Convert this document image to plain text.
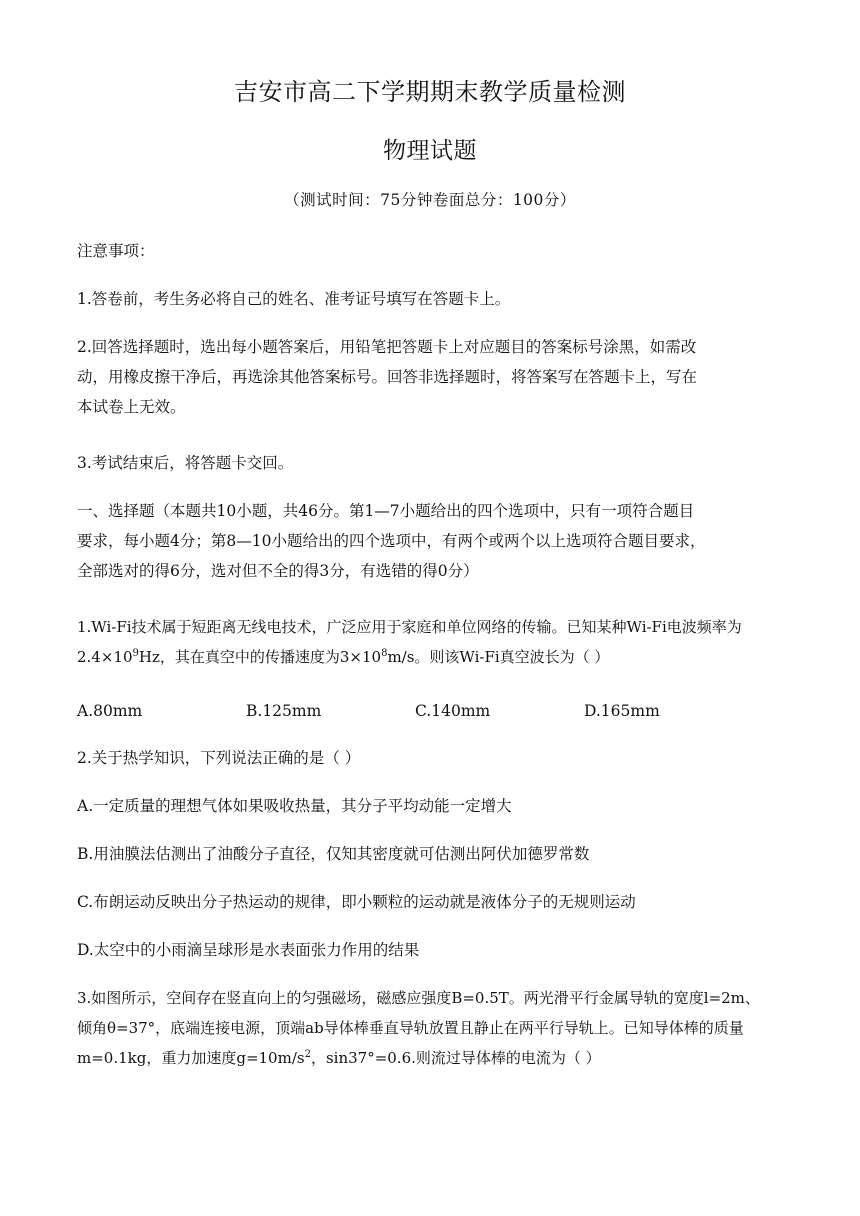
吉安市高二下学期期末教学质量检测
物理试题
（测试时间：75分钟卷面总分：100分）

注意事项：

1.答卷前，考生务必将自己的姓名、准考证号填写在答题卡上。

2.回答选择题时，选出每小题答案后，用铅笔把答题卡上对应题目的答案标号涂黑，如需改
动，用橡皮擦干净后，再选涂其他答案标号。回答非选择题时，将答案写在答题卡上，写在
本试卷上无效。

3.考试结束后，将答题卡交回。

一、选择题（本题共10小题，共46分。第1—7小题给出的四个选项中，只有一项符合题目
要求，每小题4分；第8—10小题给出的四个选项中，有两个或两个以上选项符合题目要求，
全部选对的得6分，选对但不全的得3分，有选错的得0分）
1.Wi-Fi技术属于短距离无线电技术，广泛应用于家庭和单位网络的传输。已知某种Wi-Fi电波频率为
$2.4\times 10^9Hz$，其在真空中的传播速度为$3\times 10^8m/s$。则该Wi-Fi真空波长为（ ）
A.80mm	B.125mm	C.140mm	D.165mm

2.关于热学知识，下列说法正确的是（ ）

A.一定质量的理想气体如果吸收热量，其分子平均动能一定增大

B.用油膜法估测出了油酸分子直径，仅知其密度就可估测出阿伏加德罗常数

C.布朗运动反映出分子热运动的规律，即小颗粒的运动就是液体分子的无规则运动

D.太空中的小雨滴呈球形是水表面张力作用的结果

3.如图所示，空间存在竖直向上的匀强磁场，磁感应强度B=0.5T。两光滑平行金属导轨的宽度l=2m、
倾角θ=37°，底端连接电源，顶端ab导体棒垂直导轨放置且静止在两平行导轨上。已知导体棒的质量
m=0.1kg，重力加速度$g=10m/s^2$，sin37°=0.6.则流过导体棒的电流为（ ）
